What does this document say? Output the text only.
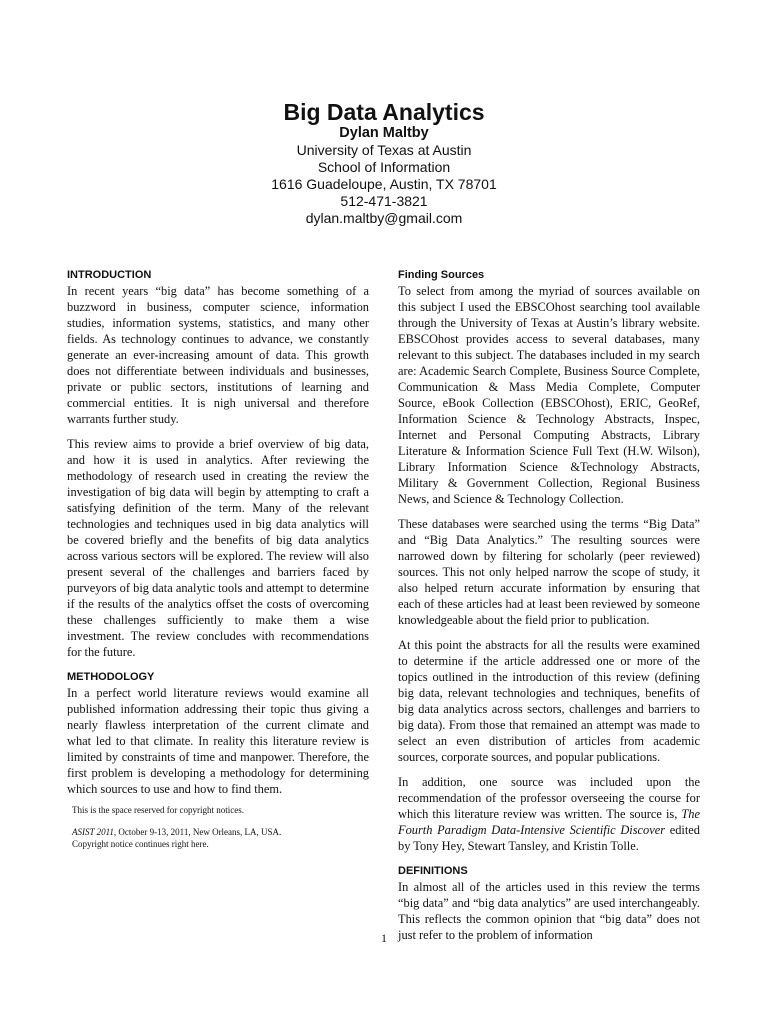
Big Data Analytics
Dylan Maltby
University of Texas at Austin
School of Information
1616 Guadeloupe, Austin, TX 78701
512-471-3821
dylan.maltby@gmail.com
INTRODUCTION

In recent years “big data” has become something of a buzzword in business, computer science, information studies, information systems, statistics, and many other fields. As technology continues to advance, we constantly generate an ever-increasing amount of data. This growth does not differentiate between individuals and businesses, private or public sectors, institutions of learning and commercial entities. It is nigh universal and therefore warrants further study.

This review aims to provide a brief overview of big data, and how it is used in analytics. After reviewing the methodology of research used in creating the review the investigation of big data will begin by attempting to craft a satisfying definition of the term. Many of the relevant technologies and techniques used in big data analytics will be covered briefly and the benefits of big data analytics across various sectors will be explored. The review will also present several of the challenges and barriers faced by purveyors of big data analytic tools and attempt to determine if the results of the analytics offset the costs of overcoming these challenges sufficiently to make them a wise investment. The review concludes with recommendations for the future.

METHODOLOGY

In a perfect world literature reviews would examine all published information addressing their topic thus giving a nearly flawless interpretation of the current climate and what led to that climate. In reality this literature review is limited by constraints of time and manpower. Therefore, the first problem is developing a methodology for determining which sources to use and how to find them.

This is the space reserved for copyright notices.
ASIST 2011, October 9-13, 2011, New Orleans, LA, USA.
Copyright notice continues right here.
Finding Sources

To select from among the myriad of sources available on this subject I used the EBSCOhost searching tool available through the University of Texas at Austin’s library website. EBSCOhost provides access to several databases, many relevant to this subject. The databases included in my search are: Academic Search Complete, Business Source Complete, Communication & Mass Media Complete, Computer Source, eBook Collection (EBSCOhost), ERIC, GeoRef, Information Science & Technology Abstracts, Inspec, Internet and Personal Computing Abstracts, Library Literature & Information Science Full Text (H.W. Wilson), Library Information Science &Technology Abstracts, Military & Government Collection, Regional Business News, and Science & Technology Collection.

These databases were searched using the terms “Big Data” and “Big Data Analytics.” The resulting sources were narrowed down by filtering for scholarly (peer reviewed) sources. This not only helped narrow the scope of study, it also helped return accurate information by ensuring that each of these articles had at least been reviewed by someone knowledgeable about the field prior to publication.

At this point the abstracts for all the results were examined to determine if the article addressed one or more of the topics outlined in the introduction of this review (defining big data, relevant technologies and techniques, benefits of big data analytics across sectors, challenges and barriers to big data). From those that remained an attempt was made to select an even distribution of articles from academic sources, corporate sources, and popular publications.

In addition, one source was included upon the recommendation of the professor overseeing the course for which this literature review was written. The source is, The Fourth Paradigm Data-Intensive Scientific Discover edited by Tony Hey, Stewart Tansley, and Kristin Tolle.

DEFINITIONS

In almost all of the articles used in this review the terms “big data” and “big data analytics” are used interchangeably. This reflects the common opinion that “big data” does not just refer to the problem of information

1
